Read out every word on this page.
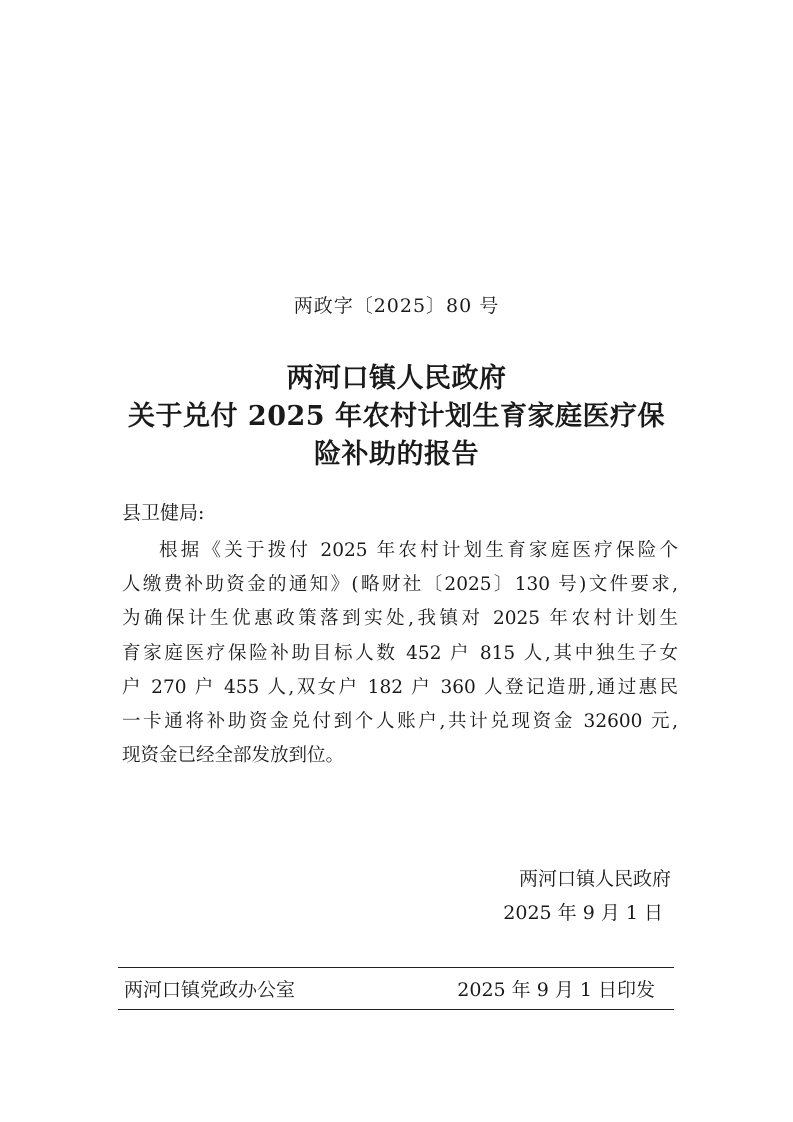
两政字〔2025〕80 号
两河口镇人民政府
关于兑付 2025 年农村计划生育家庭医疗保
险补助的报告
县卫健局:
根据《关于拨付 2025 年农村计划生育家庭医疗保险个
人缴费补助资金的通知》(略财社〔2025〕130 号)文件要求,
为确保计生优惠政策落到实处,我镇对 2025 年农村计划生
育家庭医疗保险补助目标人数 452 户 815 人,其中独生子女
户 270 户 455 人,双女户 182 户 360 人登记造册,通过惠民
一卡通将补助资金兑付到个人账户,共计兑现资金 32600 元,
现资金已经全部发放到位。
两河口镇人民政府
2025 年 9 月 1 日
两河口镇党政办公室	2025 年 9 月 1 日印发
